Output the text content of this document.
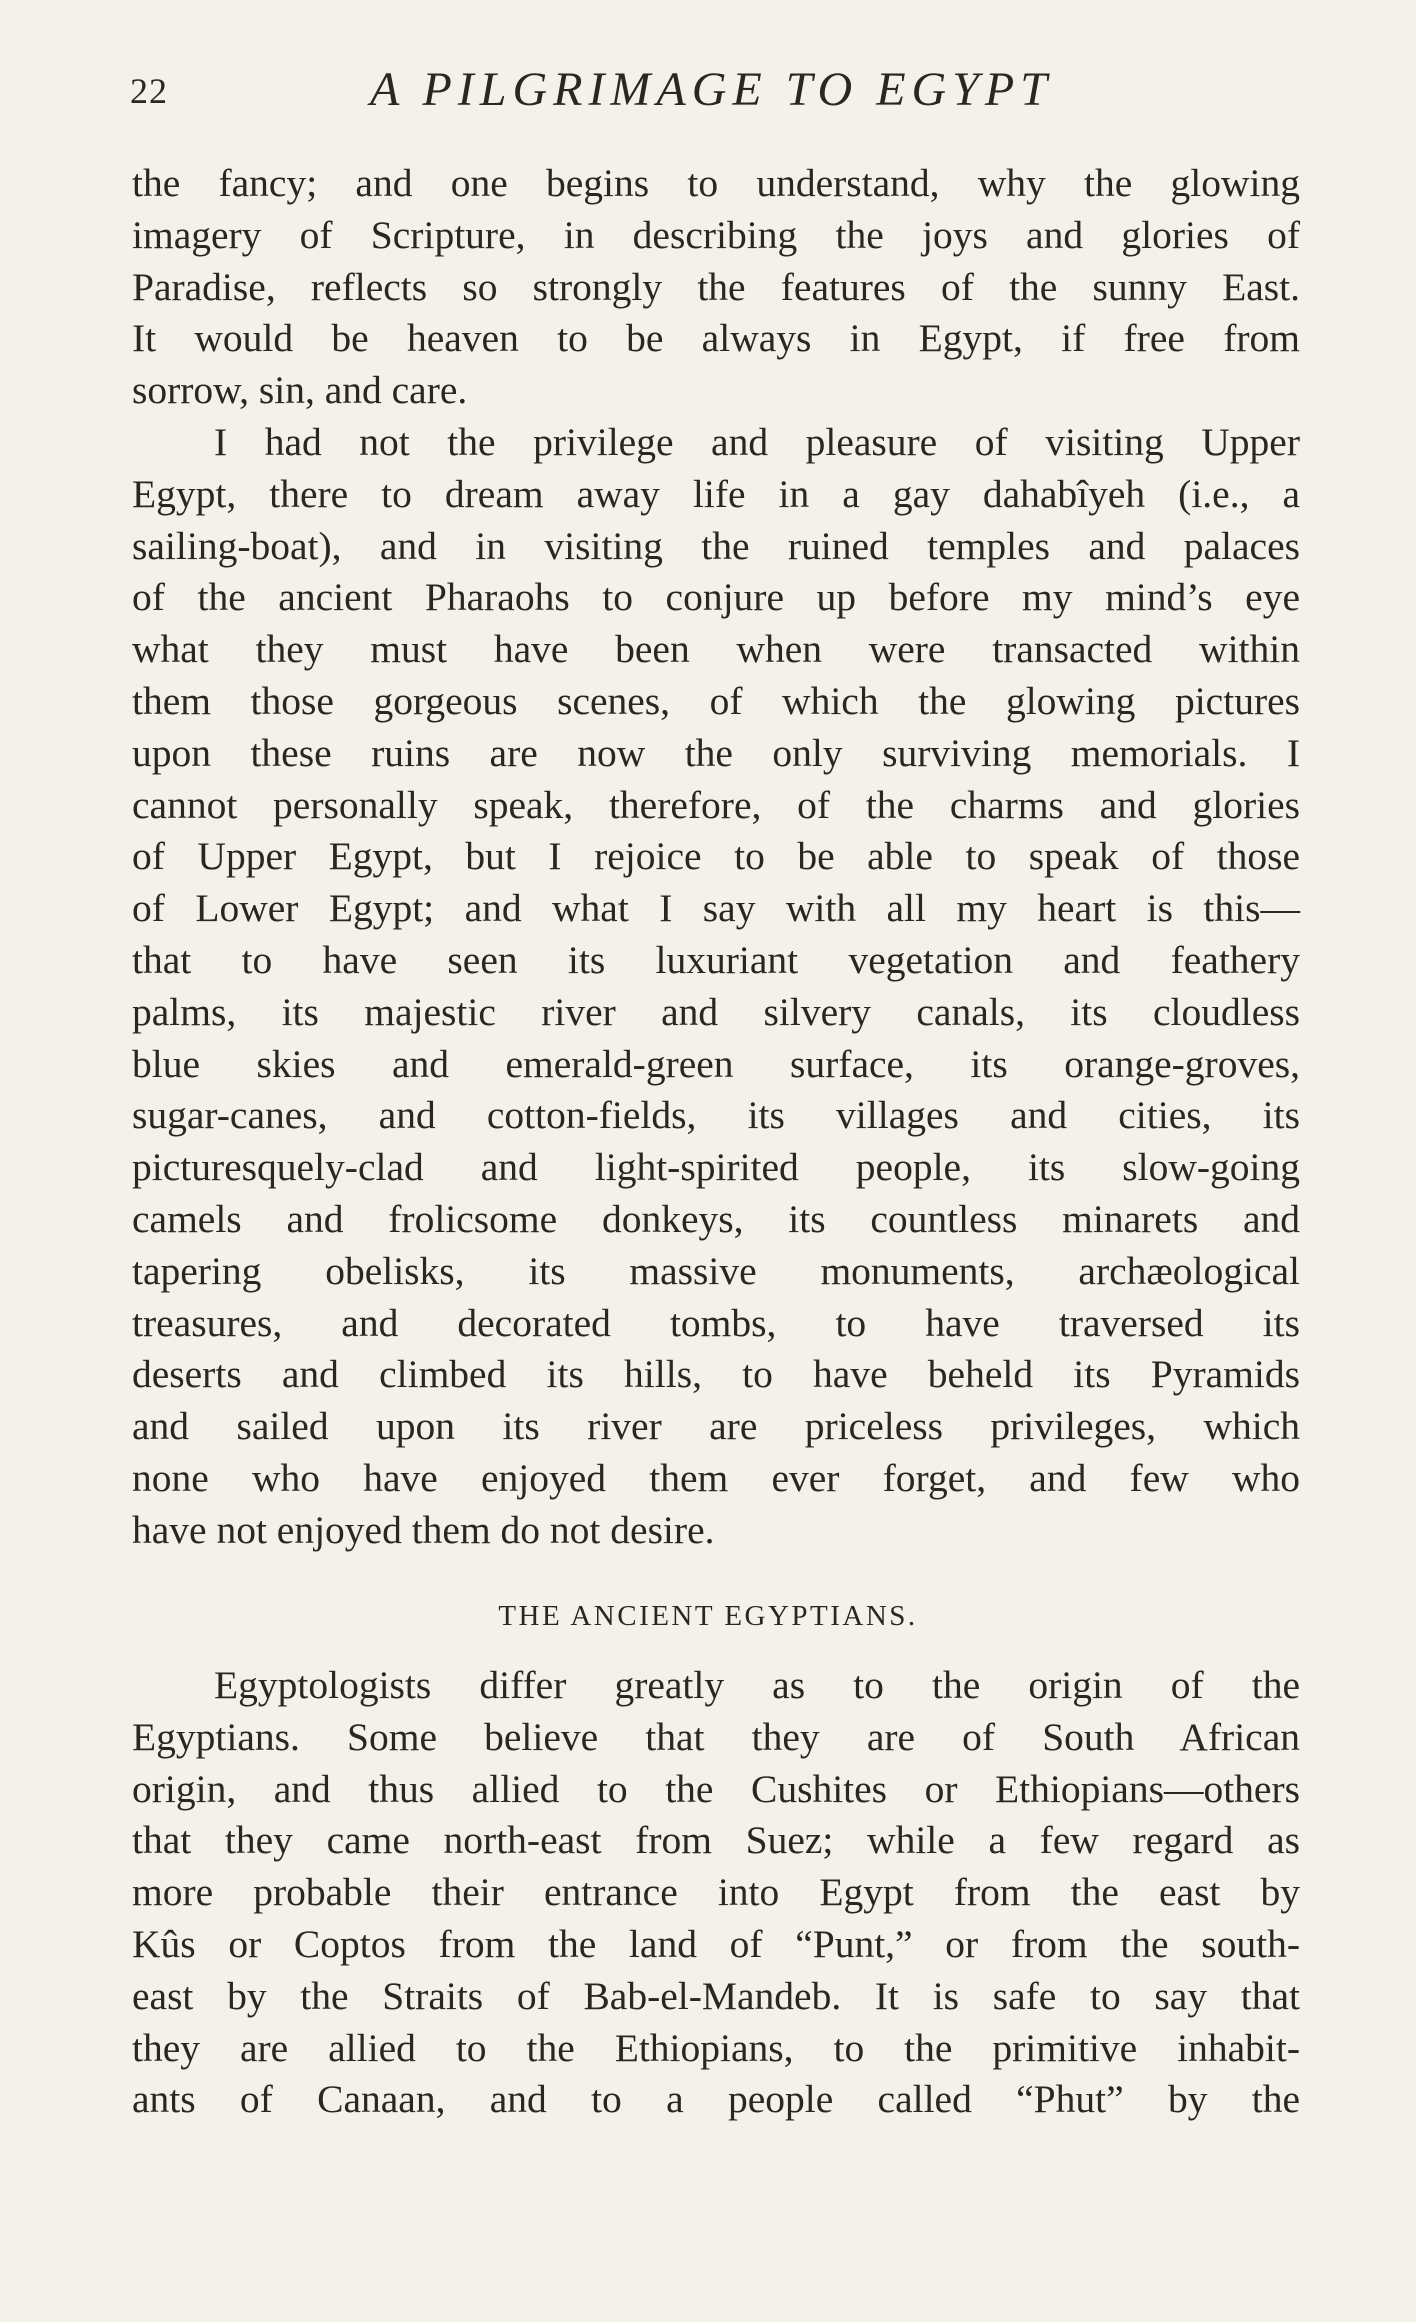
22	A PILGRIMAGE TO EGYPT

the fancy; and one begins to understand, why the glowing
imagery of Scripture, in describing the joys and glories of
Paradise, reflects so strongly the features of the sunny East.
It would be heaven to be always in Egypt, if free from
sorrow, sin, and care.

I had not the privilege and pleasure of visiting Upper
Egypt, there to dream away life in a gay dahabîyeh (i.e., a
sailing-boat), and in visiting the ruined temples and palaces
of the ancient Pharaohs to conjure up before my mind’s eye
what they must have been when were transacted within
them those gorgeous scenes, of which the glowing pictures
upon these ruins are now the only surviving memorials. I
cannot personally speak, therefore, of the charms and glories
of Upper Egypt, but I rejoice to be able to speak of those
of Lower Egypt; and what I say with all my heart is this—
that to have seen its luxuriant vegetation and feathery
palms, its majestic river and silvery canals, its cloudless
blue skies and emerald-green surface, its orange-groves,
sugar-canes, and cotton-fields, its villages and cities, its
picturesquely-clad and light-spirited people, its slow-going
camels and frolicsome donkeys, its countless minarets and
tapering obelisks, its massive monuments, archæological
treasures, and decorated tombs, to have traversed its
deserts and climbed its hills, to have beheld its Pyramids
and sailed upon its river are priceless privileges, which
none who have enjoyed them ever forget, and few who
have not enjoyed them do not desire.

THE ANCIENT EGYPTIANS.

Egyptologists differ greatly as to the origin of the
Egyptians. Some believe that they are of South African
origin, and thus allied to the Cushites or Ethiopians—others
that they came north-east from Suez; while a few regard as
more probable their entrance into Egypt from the east by
Kûs or Coptos from the land of “Punt,” or from the south-
east by the Straits of Bab-el-Mandeb. It is safe to say that
they are allied to the Ethiopians, to the primitive inhabit-
ants of Canaan, and to a people called “Phut” by the
